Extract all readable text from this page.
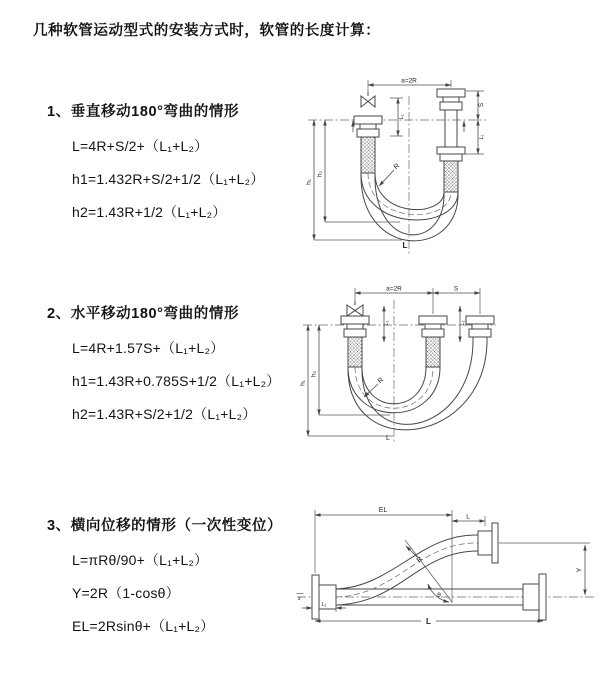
几种软管运动型式的安装方式时，软管的长度计算：
1、垂直移动180°弯曲的情形
L=4R+S/2+（L₁+L₂）
h1=1.432R+S/2+1/2（L₁+L₂）
h2=1.43R+1/2（L₁+L₂）
2、水平移动180°弯曲的情形
L=4R+1.57S+（L₁+L₂）
h1=1.43R+0.785S+1/2（L₁+L₂）
h2=1.43R+S/2+1/2（L₁+L₂）
3、横向位移的情形（一次性变位）
L=πRθ/90+（L₁+L₂）
Y=2R（1-cosθ）
EL=2Rsinθ+（L₁+L₂）
a=2R
h₁
h₂
S
L₁
L₁
R
L
a=2R	S
L₁	L₂
h₁
h₂
R
L
EL
L
Y
L
L₁
z
R
θ
